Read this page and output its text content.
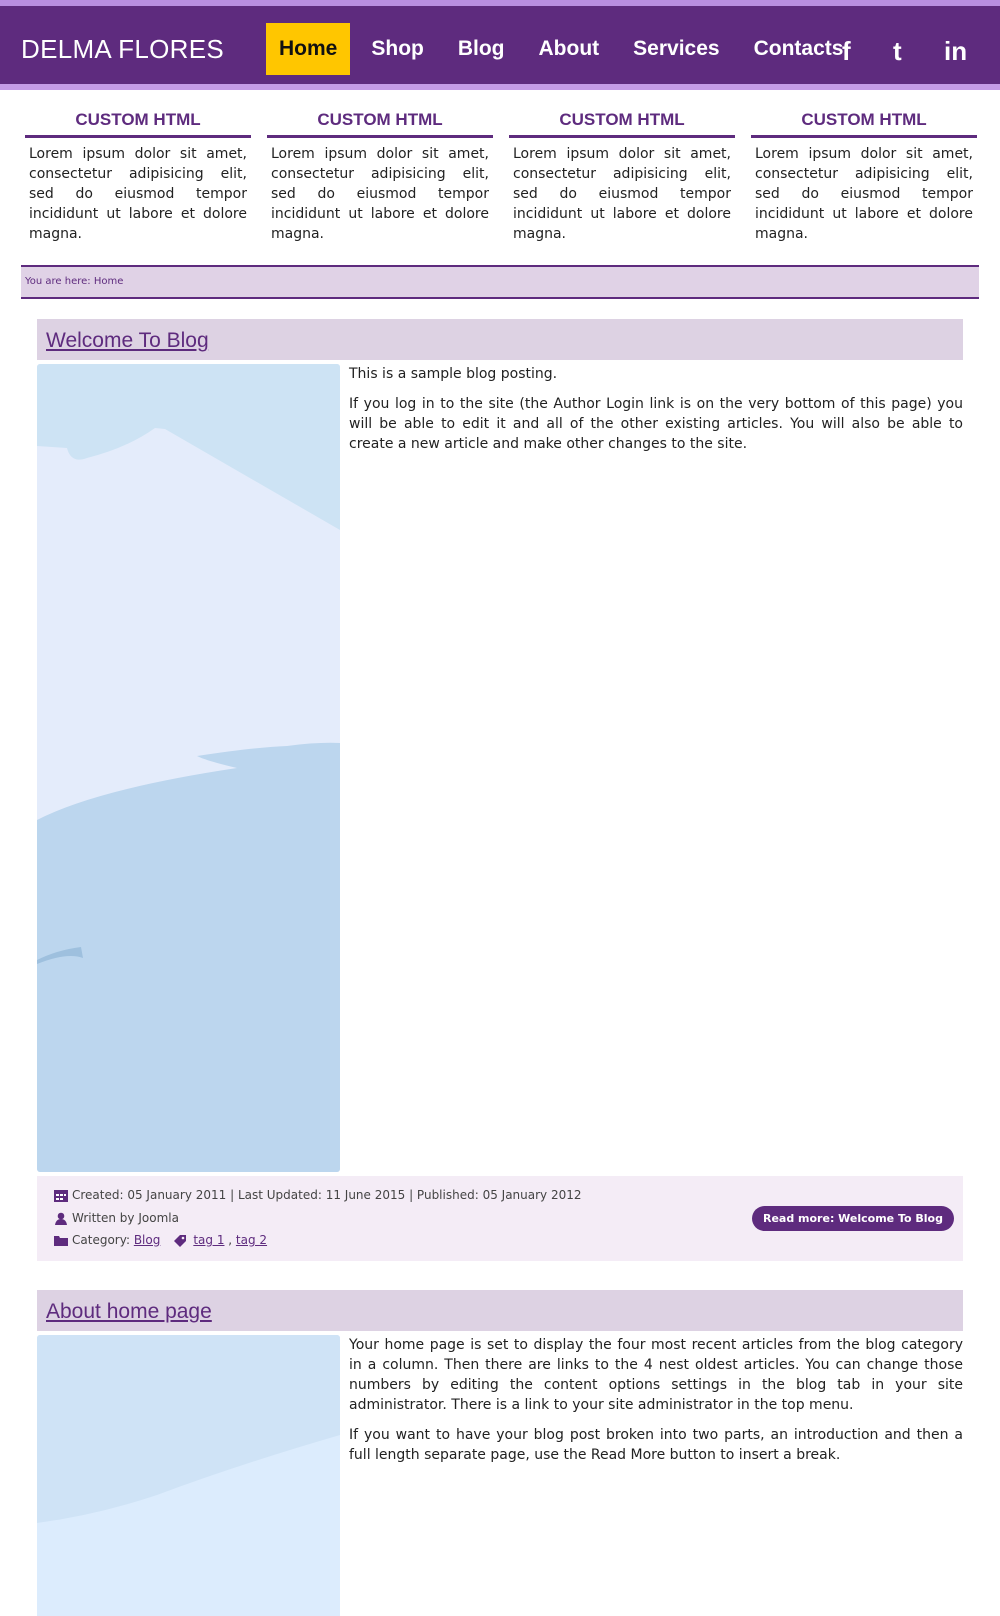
DELMA FLORES	Home	Shop	Blog	About	Services	Contacts
f t in
CUSTOM HTML
Lorem ipsum dolor sit amet, consectetur adipisicing elit, sed do eiusmod tempor incididunt ut labore et dolore magna.
CUSTOM HTML
Lorem ipsum dolor sit amet, consectetur adipisicing elit, sed do eiusmod tempor incididunt ut labore et dolore magna.
CUSTOM HTML
Lorem ipsum dolor sit amet, consectetur adipisicing elit, sed do eiusmod tempor incididunt ut labore et dolore magna.
CUSTOM HTML
Lorem ipsum dolor sit amet, consectetur adipisicing elit, sed do eiusmod tempor incididunt ut labore et dolore magna.
You are here: Home
Welcome To Blog

This is a sample blog posting.

If you log in to the site (the Author Login link is on the very bottom of this page) you will be able to edit it and all of the other existing articles. You will also be able to create a new article and make other changes to the site.

Created: 05 January 2011 | Last Updated: 11 June 2015 | Published: 05 January 2012
Written by Joomla
Category:
Blog	tag 1 , tag 2
Read more: Welcome To Blog
About home page

Your home page is set to display the four most recent articles from the blog category in a column. Then there are links to the 4 nest oldest articles. You can change those numbers by editing the content options settings in the blog tab in your site administrator. There is a link to your site administrator in the top menu.

If you want to have your blog post broken into two parts, an introduction and then a full length separate page, use the Read More button to insert a break.
